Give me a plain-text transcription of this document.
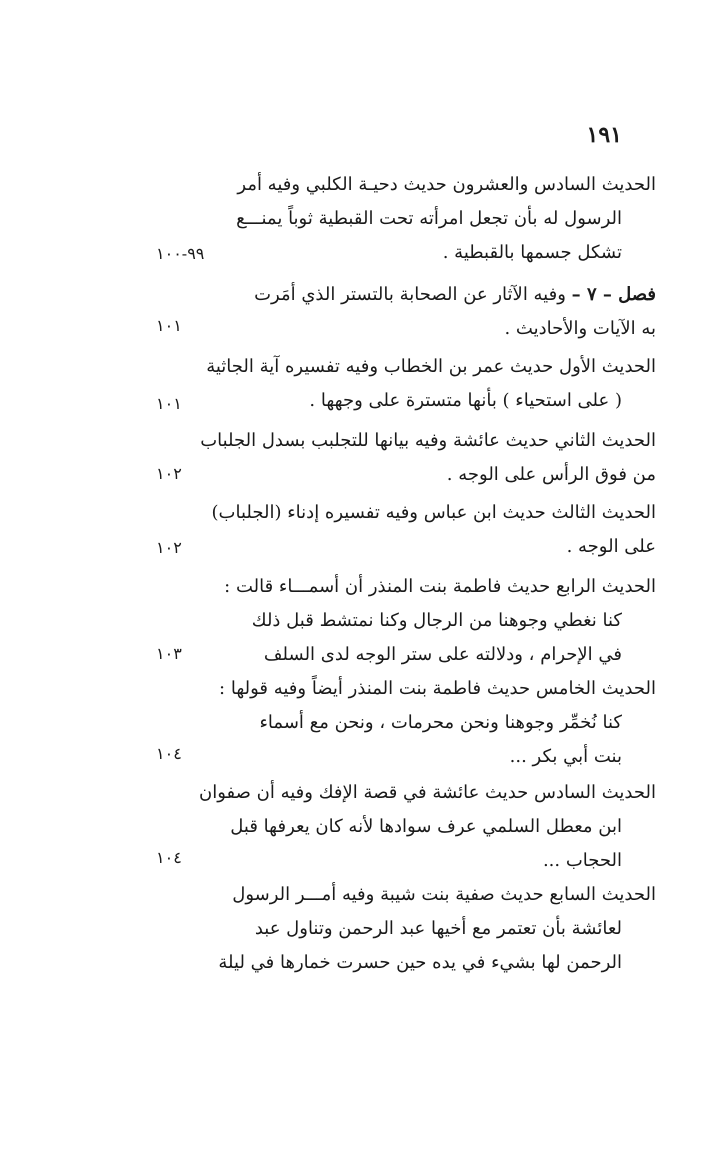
١٩١
الحديث السادس والعشرون حديث دحيـة الكلبي وفيه أمر
الرسول له بأن تجعل امرأته تحت القبطية ثوباً يمنـــع
تشكل جسمها بالقبطية .
٩٩-١٠٠
فصل – ٧ – وفيه الآثار عن الصحابة بالتستر الذي أمَرت
به الآيات والأحاديث .
١٠١
الحديث الأول حديث عمر بن الخطاب وفيه تفسيره آية الجاثية
( على استحياء ) بأنها متسترة على وجهها .
١٠١
الحديث الثاني حديث عائشة وفيه بيانها للتجلبب بسدل الجلباب
من فوق الرأس على الوجه .
١٠٢
الحديث الثالث حديث ابن عباس وفيه تفسيره إدناء (الجلباب)
على الوجه .
١٠٢
الحديث الرابع حديث فاطمة بنت المنذر أن أسمـــاء قالت :
كنا نغطي وجوهنا من الرجال وكنا نمتشط قبل ذلك
في الإحرام ، ودلالته على ستر الوجه لدى السلف
١٠٣
الحديث الخامس حديث فاطمة بنت المنذر أيضاً وفيه قولها :
كنا نُخمِّر وجوهنا ونحن محرمات ، ونحن مع أسماء
بنت أبي بكر ...
١٠٤
الحديث السادس حديث عائشة في قصة الإفك وفيه أن صفوان
ابن معطل السلمي عرف سوادها لأنه كان يعرفها قبل
الحجاب ...
١٠٤
الحديث السابع حديث صفية بنت شيبة وفيه أمـــر الرسول
لعائشة بأن تعتمر مع أخيها عبد الرحمن وتناول عبد
الرحمن لها بشيء في يده حين حسرت خمارها في ليلة
